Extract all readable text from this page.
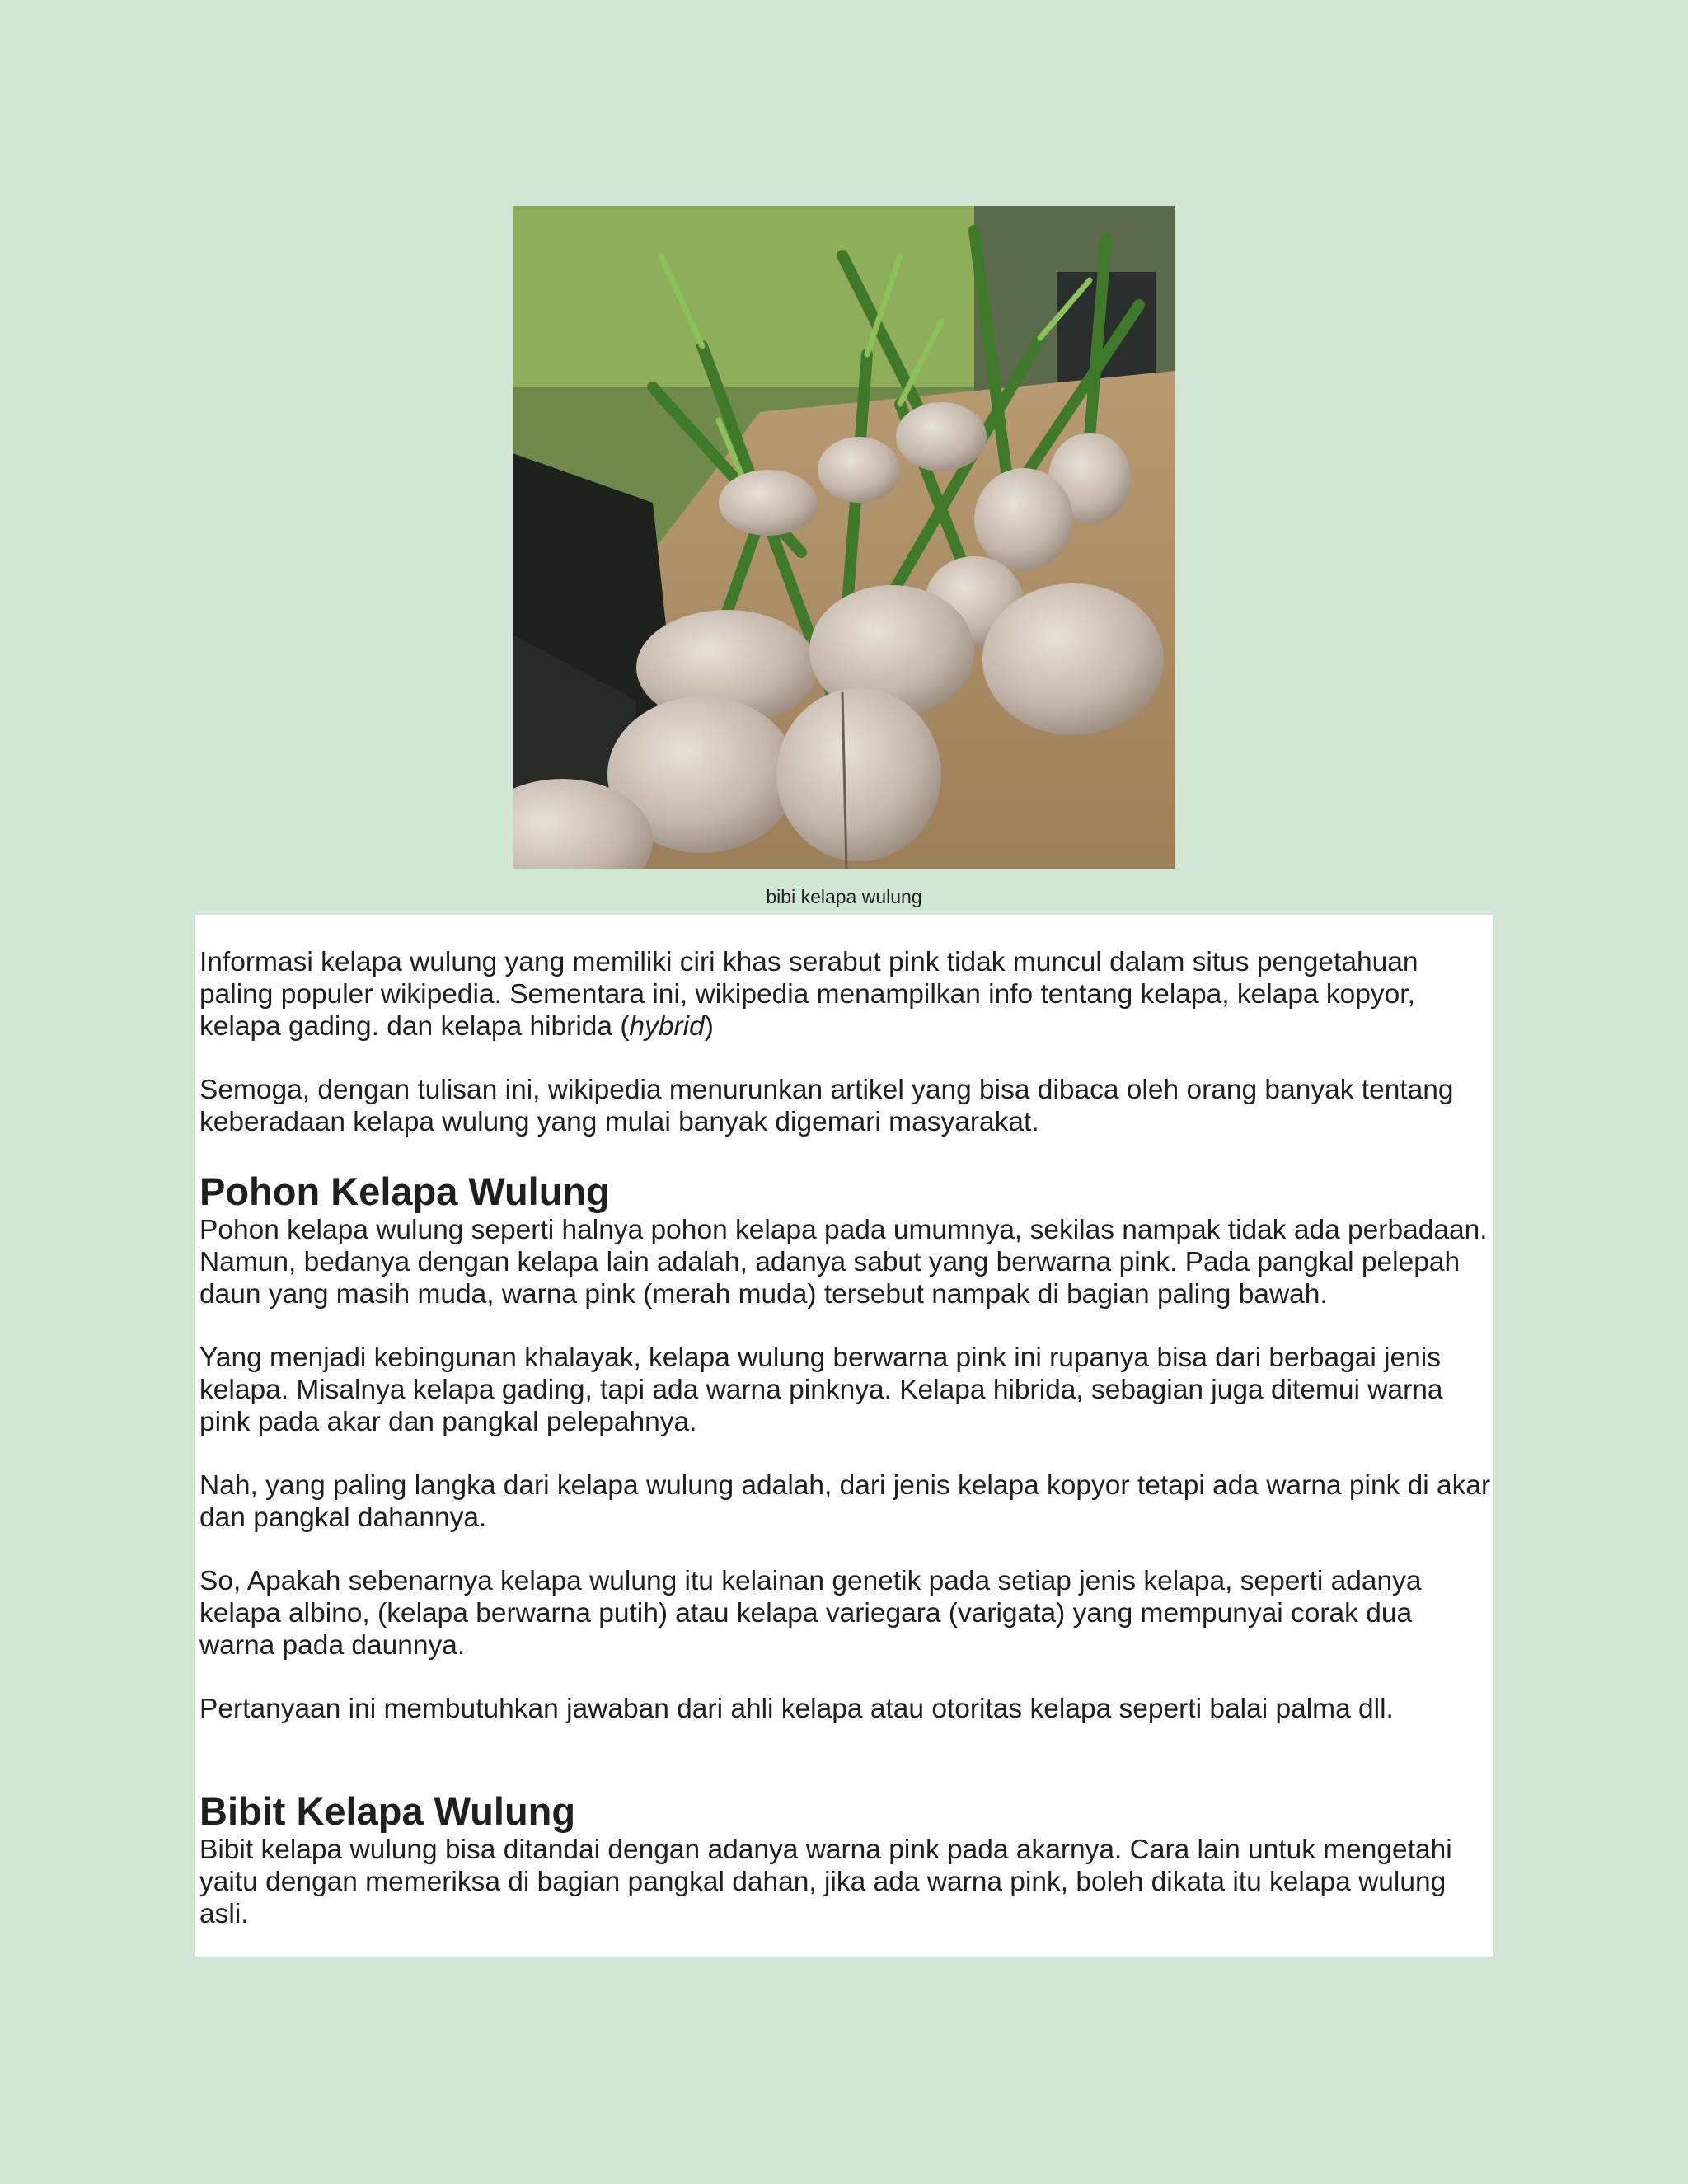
bibi kelapa wulung

Informasi kelapa wulung yang memiliki ciri khas serabut pink tidak muncul dalam situs pengetahuan paling populer wikipedia. Sementara ini, wikipedia menampilkan info tentang kelapa, kelapa kopyor, kelapa gading. dan kelapa hibrida (hybrid)

Semoga, dengan tulisan ini, wikipedia menurunkan artikel yang bisa dibaca oleh orang banyak tentang keberadaan kelapa wulung yang mulai banyak digemari masyarakat.

Pohon Kelapa Wulung

Pohon kelapa wulung seperti halnya pohon kelapa pada umumnya, sekilas nampak tidak ada perbadaan. Namun, bedanya dengan kelapa lain adalah, adanya sabut yang berwarna pink. Pada pangkal pelepah daun yang masih muda, warna pink (merah muda) tersebut nampak di bagian paling bawah.

Yang menjadi kebingunan khalayak, kelapa wulung berwarna pink ini rupanya bisa dari berbagai jenis kelapa. Misalnya kelapa gading, tapi ada warna pinknya. Kelapa hibrida, sebagian juga ditemui warna pink pada akar dan pangkal pelepahnya.

Nah, yang paling langka dari kelapa wulung adalah, dari jenis kelapa kopyor tetapi ada warna pink di akar dan pangkal dahannya.

So, Apakah sebenarnya kelapa wulung itu kelainan genetik pada setiap jenis kelapa, seperti adanya kelapa albino, (kelapa berwarna putih) atau kelapa variegara (varigata) yang mempunyai corak dua warna pada daunnya.

Pertanyaan ini membutuhkan jawaban dari ahli kelapa atau otoritas kelapa seperti balai palma dll.

Bibit Kelapa Wulung

Bibit kelapa wulung bisa ditandai dengan adanya warna pink pada akarnya. Cara lain untuk mengetahi yaitu dengan memeriksa di bagian pangkal dahan, jika ada warna pink, boleh dikata itu kelapa wulung asli.
